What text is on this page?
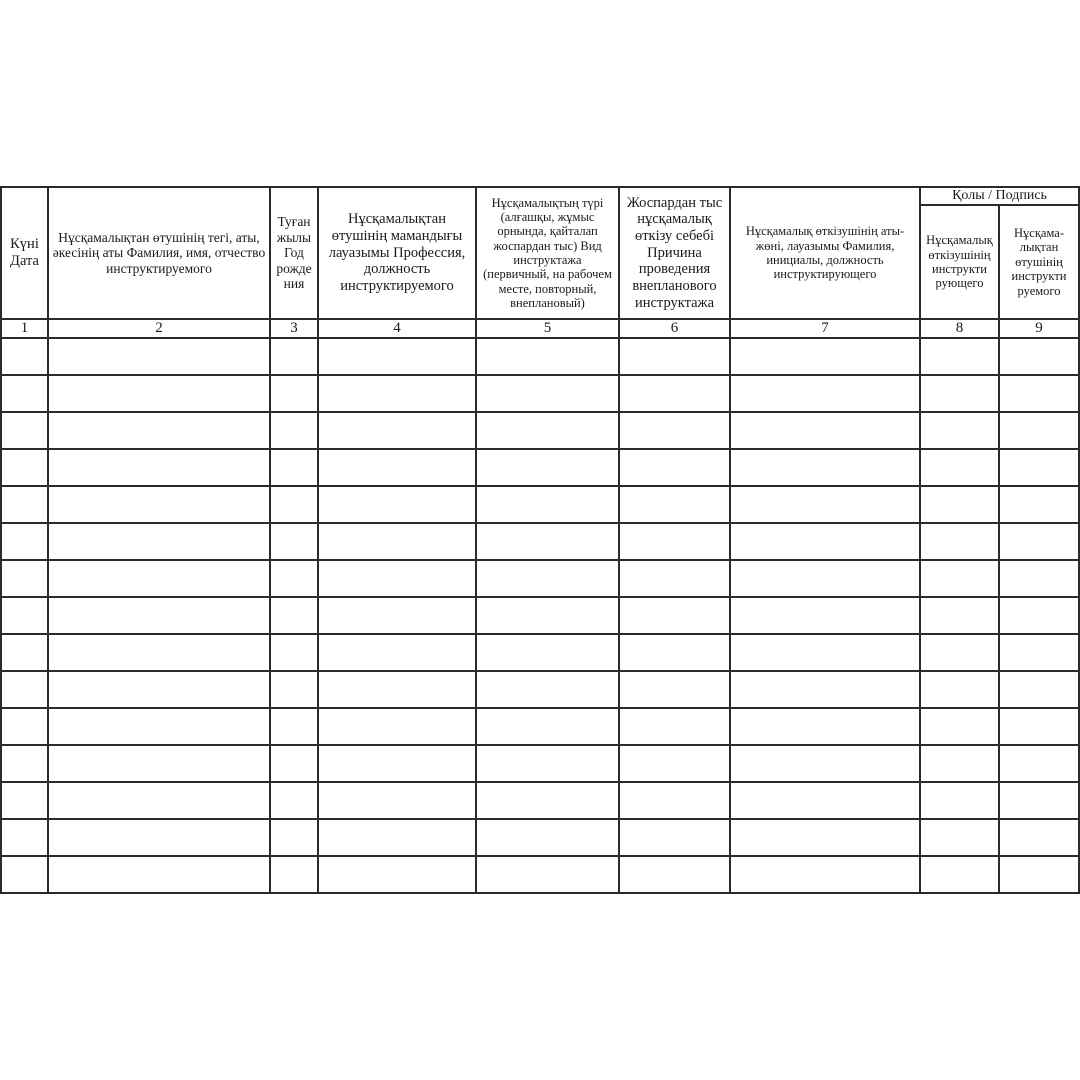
Күні Дата	Нұсқамалықтан өтушінің тегі, аты, әкесінің аты Фамилия, имя, отчество инструктируемого	Туған жылы Год рожде ния	Нұсқамалықтан өтушінің мамандығы лауазымы Профессия, должность инструктируемого	Нұсқамалықтың түрі (алғашқы, жұмыс орнында, қайталап жоспардан тыс) Вид инструктажа (первичный, на рабочем месте, повторный, внеплановый)	Жоспардан тыс нұсқамалық өткізу себебі Причина проведения внепланового инструктажа	Нұсқамалық өткізушінің аты-жөні, лауазымы Фамилия, инициалы, должность инструктирующего	Қолы / Подпись	

							Нұсқамалық өткізушінің инструкти рующего	Нұсқама-лықтан өтушінің инструкти руемого

1	2	3	4	5	6	7	8	9
